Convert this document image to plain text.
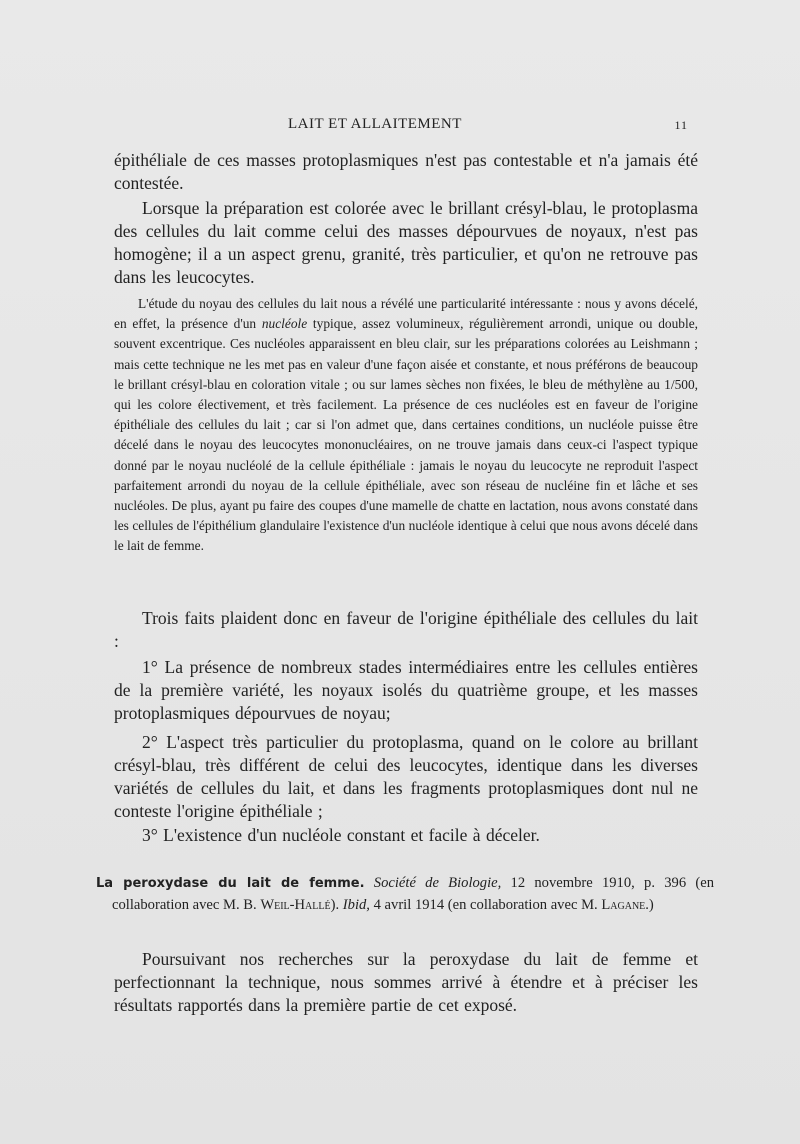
LAIT ET ALLAITEMENT	11

épithéliale de ces masses protoplasmiques n'est pas contestable et n'a jamais été contestée.

Lorsque la préparation est colorée avec le brillant crésyl-blau, le protoplasma des cellules du lait comme celui des masses dépourvues de noyaux, n'est pas homogène; il a un aspect grenu, granité, très particulier, et qu'on ne retrouve pas dans les leucocytes.

L'étude du noyau des cellules du lait nous a révélé une particularité intéressante : nous y avons décelé, en effet, la présence d'un nucléole typique, assez volumineux, régulièrement arrondi, unique ou double, souvent excentrique. Ces nucléoles apparaissent en bleu clair, sur les préparations colorées au Leishmann ; mais cette technique ne les met pas en valeur d'une façon aisée et constante, et nous préférons de beaucoup le brillant crésyl-blau en coloration vitale ; ou sur lames sèches non fixées, le bleu de méthylène au 1/500, qui les colore électivement, et très facilement. La présence de ces nucléoles est en faveur de l'origine épithéliale des cellules du lait ; car si l'on admet que, dans certaines conditions, un nucléole puisse être décelé dans le noyau des leucocytes mononucléaires, on ne trouve jamais dans ceux-ci l'aspect typique donné par le noyau nucléolé de la cellule épithéliale : jamais le noyau du leucocyte ne reproduit l'aspect parfaitement arrondi du noyau de la cellule épithéliale, avec son réseau de nucléine fin et lâche et ses nucléoles. De plus, ayant pu faire des coupes d'une mamelle de chatte en lactation, nous avons constaté dans les cellules de l'épithélium glandulaire l'existence d'un nucléole identique à celui que nous avons décelé dans le lait de femme.

Trois faits plaident donc en faveur de l'origine épithéliale des cellules du lait :

1° La présence de nombreux stades intermédiaires entre les cellules entières de la première variété, les noyaux isolés du quatrième groupe, et les masses protoplasmiques dépourvues de noyau;

2° L'aspect très particulier du protoplasma, quand on le colore au brillant crésyl-blau, très différent de celui des leucocytes, identique dans les diverses variétés de cellules du lait, et dans les fragments protoplasmiques dont nul ne conteste l'origine épithéliale ;

3° L'existence d'un nucléole constant et facile à déceler.

La peroxydase du lait de femme. Société de Biologie, 12 novembre 1910, p. 396 (en collaboration avec M. B. Weil-Hallé). Ibid, 4 avril 1914 (en collaboration avec M. Lagane.)

Poursuivant nos recherches sur la peroxydase du lait de femme et perfectionnant la technique, nous sommes arrivé à étendre et à préciser les résultats rapportés dans la première partie de cet exposé.
